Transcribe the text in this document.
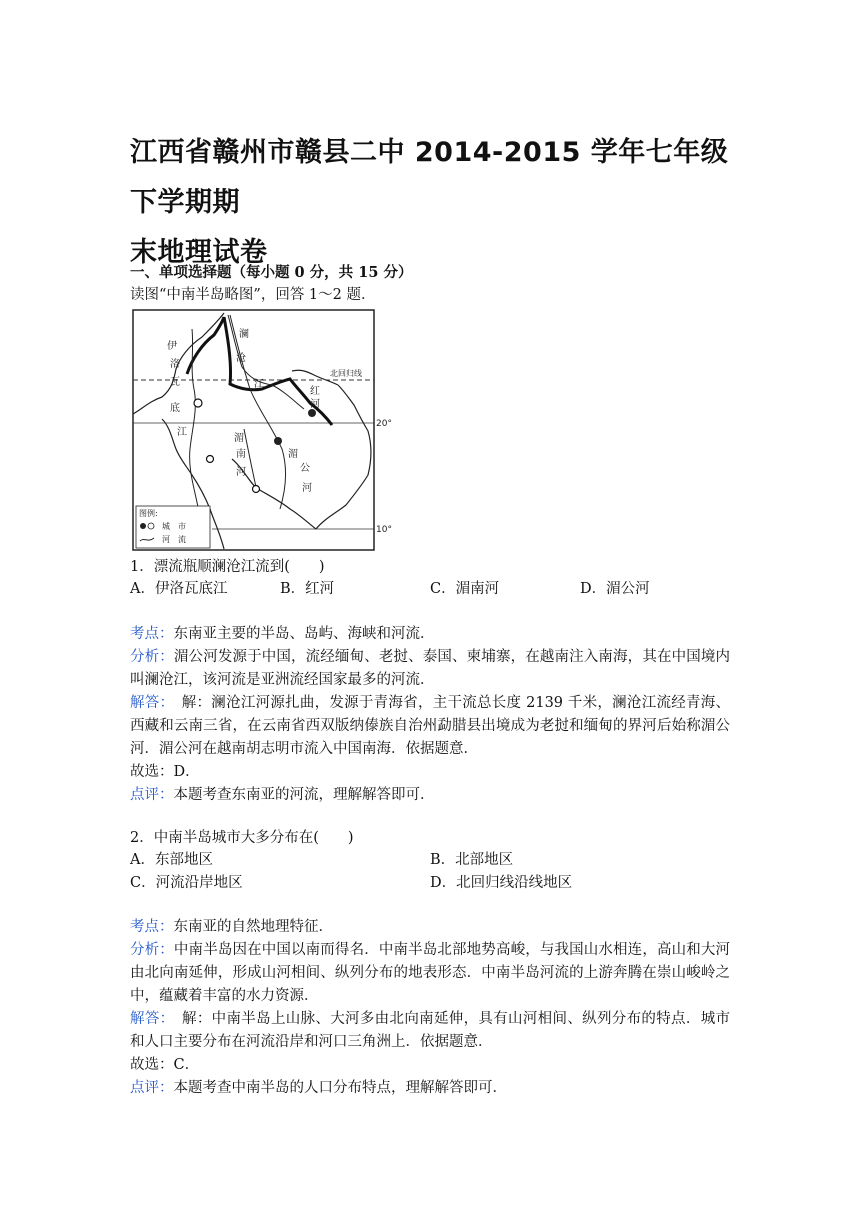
江西省赣州市赣县二中 2014-2015 学年七年级下学期期
末地理试卷
一、单项选择题（每小题 0 分，共 15 分）
读图“中南半岛略图”，回答 1～2 题．
伊
洛
瓦
底
江
澜
沧
江
红
河
湄
南
河
湄
公
河
北回归线
20°
10°
图例:
城　市
河　流
1．漂流瓶顺澜沧江流到(　　)
A．伊洛瓦底江	B．红河	C．湄南河	D．湄公河
考点：东南亚主要的半岛、岛屿、海峡和河流．
分析：湄公河发源于中国，流经缅甸、老挝、泰国、柬埔寨，在越南注入南海，其在中国境内叫澜沧江，该河流是亚洲流经国家最多的河流．
解答：　解：澜沧江河源扎曲，发源于青海省，主干流总长度 2139 千米，澜沧江流经青海、西藏和云南三省，在云南省西双版纳傣族自治州勐腊县出境成为老挝和缅甸的界河后始称湄公河．湄公河在越南胡志明市流入中国南海．依据题意．
故选：D．
点评：本题考查东南亚的河流，理解解答即可．
2．中南半岛城市大多分布在(　　)
A．东部地区	B．北部地区
C．河流沿岸地区	D．北回归线沿线地区
考点：东南亚的自然地理特征．
分析：中南半岛因在中国以南而得名．中南半岛北部地势高峻，与我国山水相连，高山和大河由北向南延伸，形成山河相间、纵列分布的地表形态．中南半岛河流的上游奔腾在崇山峻岭之中，蕴藏着丰富的水力资源．
解答：　解：中南半岛上山脉、大河多由北向南延伸，具有山河相间、纵列分布的特点．城市和人口主要分布在河流沿岸和河口三角洲上．依据题意．
故选：C．
点评：本题考查中南半岛的人口分布特点，理解解答即可．
